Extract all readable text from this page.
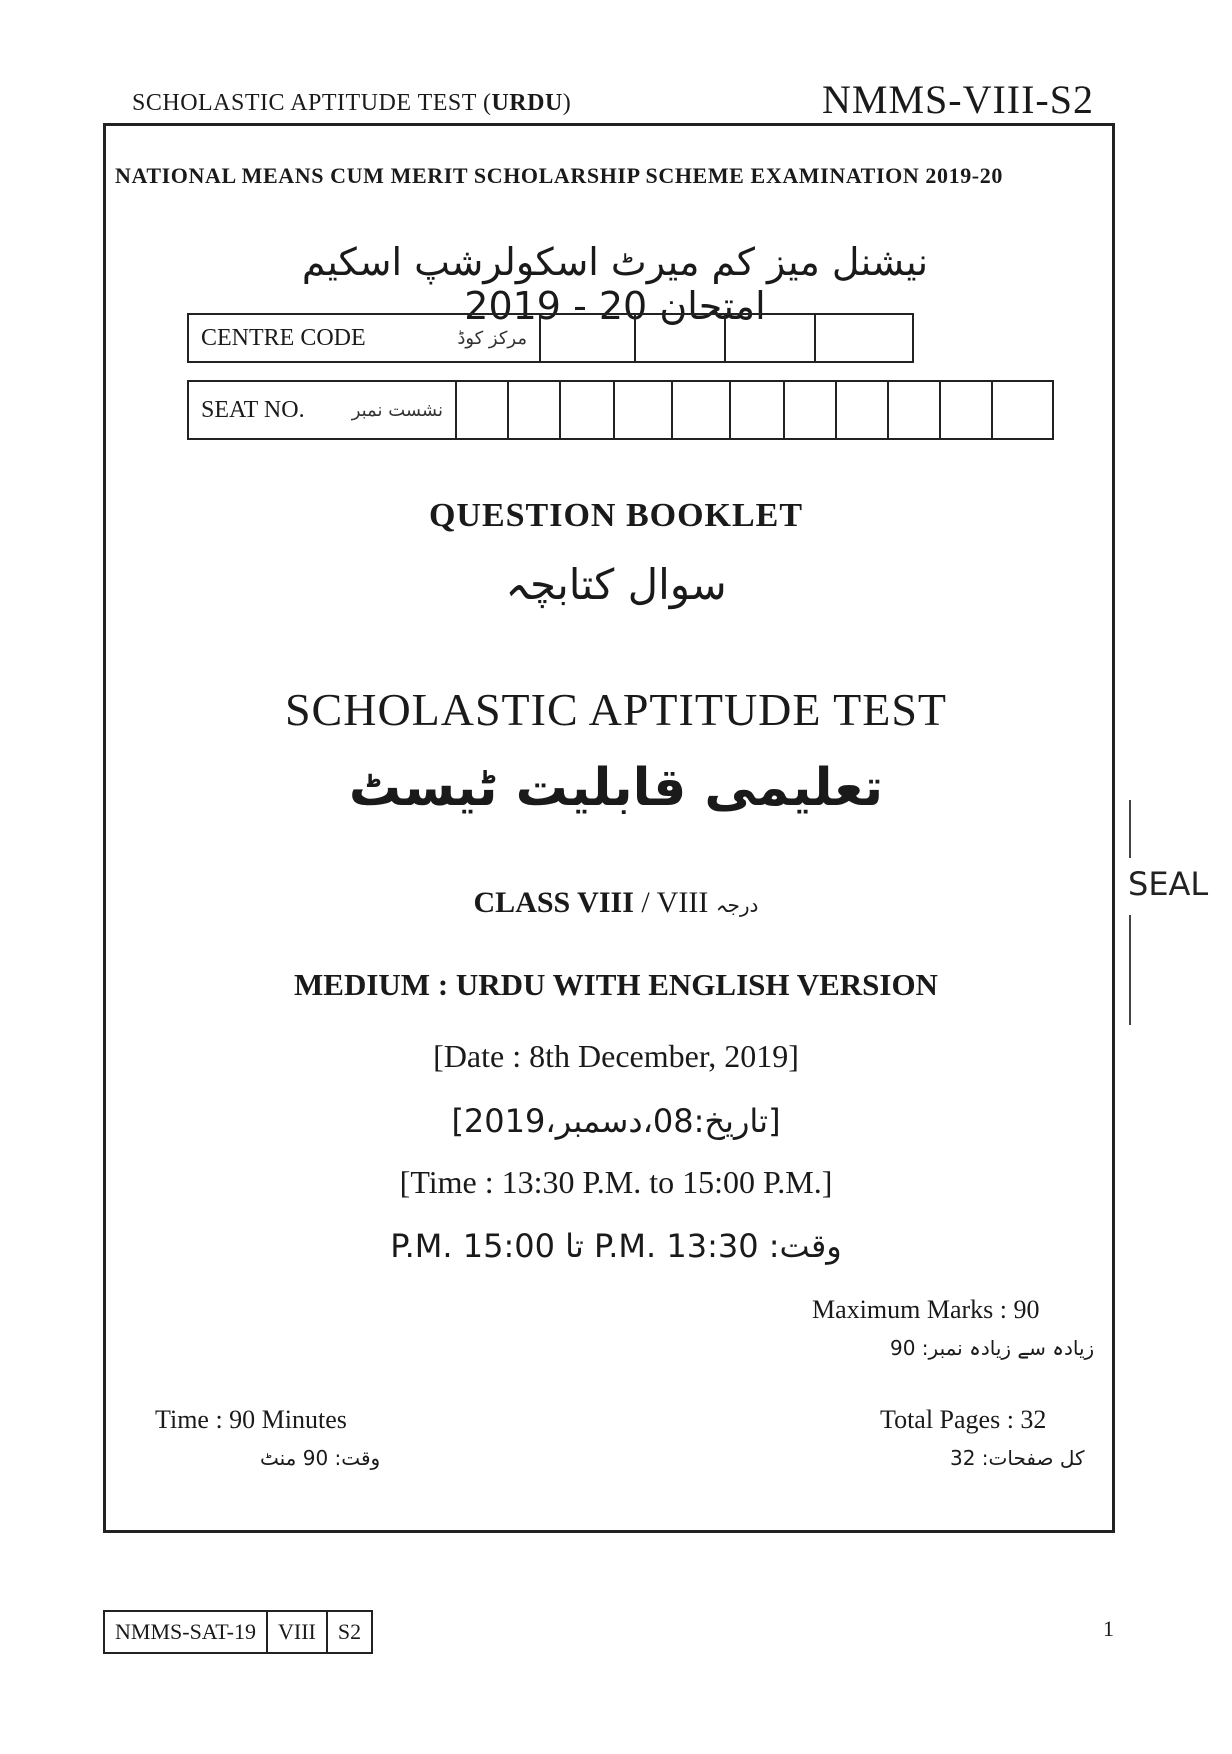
SCHOLASTIC APTITUDE TEST (URDU)	NMMS-VIII-S2
NATIONAL MEANS CUM MERIT SCHOLARSHIP SCHEME EXAMINATION 2019-20
نیشنل میز کم میرٹ اسکولرشپ اسکیم امتحان 20 - 2019
CENTRE CODE	مرکز کوڈ
SEAT NO.	نشست نمبر
QUESTION BOOKLET
سوال کتابچہ
SCHOLASTIC APTITUDE TEST
تعلیمی قابلیت ٹیسٹ
CLASS VIII / VIII درجہ
MEDIUM : URDU WITH ENGLISH VERSION
[Date : 8th December, 2019]
[تاریخ:08،دسمبر،2019]
[Time : 13:30 P.M. to 15:00 P.M.]
وقت: P.M. 13:30 تا P.M. 15:00
Maximum Marks : 90
زیادہ سے زیادہ نمبر: 90
Time : 90 Minutes
وقت: 90 منٹ
Total Pages : 32
کل صفحات: 32
SEAL
NMMS-SAT-19	VIII	S2	1
